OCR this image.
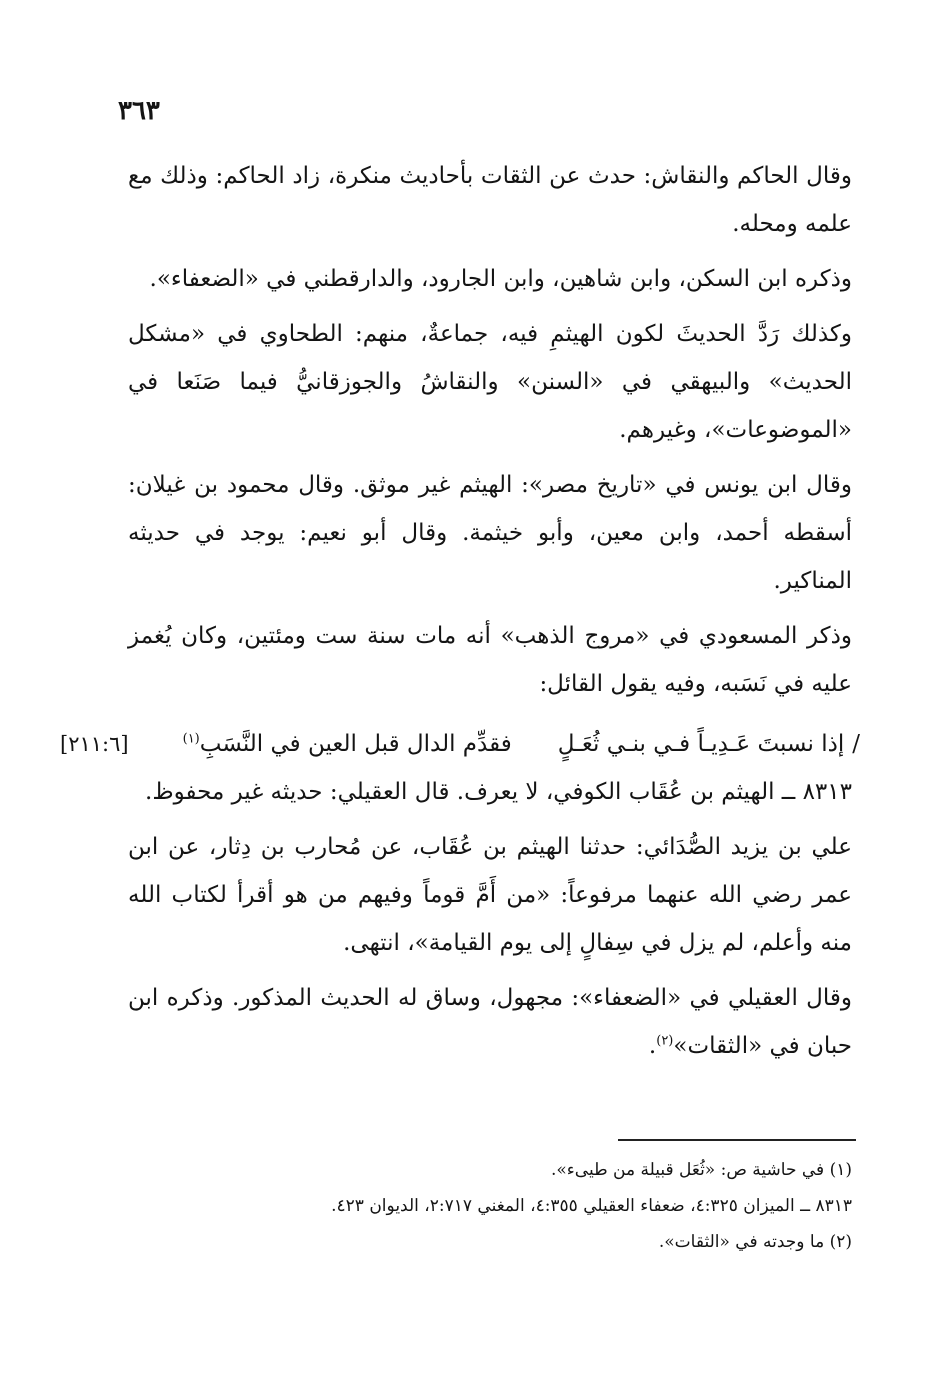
٣٦٣

وقال الحاكم والنقاش: حدث عن الثقات بأحاديث منكرة، زاد الحاكم: وذلك مع علمه ومحله.

وذكره ابن السكن، وابن شاهين، وابن الجارود، والدارقطني في «الضعفاء».

وكذلك رَدَّ الحديثَ لكون الهيثمِ فيه، جماعةٌ، منهم: الطحاوي في «مشكل الحديث» والبيهقي في «السنن» والنقاشُ والجوزقانيُّ فيما صَنَعا في «الموضوعات»، وغيرهم.

وقال ابن يونس في «تاريخ مصر»: الهيثم غير موثق. وقال محمود بن غيلان: أسقطه أحمد، وابن معين، وأبو خيثمة. وقال أبو نعيم: يوجد في حديثه المناكير.

وذكر المسعودي في «مروج الذهب» أنه مات سنة ست ومئتين، وكان يُغمز عليه في نَسَبه، وفيه يقول القائل:

/إذا نسبتَ عَـدِيـاً فـي بنـي ثُعَـلٍفقدِّم الدال قبل العين في النَّسَبِ$^{(١)}$
[٢١١:٦]

٨٣١٣ ــ الهيثم بن عُقَاب الكوفي، لا يعرف. قال العقيلي: حديثه غير محفوظ.

علي بن يزيد الصُّدَائي: حدثنا الهيثم بن عُقَاب، عن مُحارب بن دِثار، عن ابن عمر رضي الله عنهما مرفوعاً: «من أَمَّ قوماً وفيهم من هو أقرأ لكتاب الله منه وأعلم، لم يزل في سِفالٍ إلى يوم القيامة»، انتهى.

وقال العقيلي في «الضعفاء»: مجهول، وساق له الحديث المذكور. وذكره ابن حبان في «الثقات»$^{(٢)}$.

(١) في حاشية ص: «ثُعَل قبيلة من طيىء».
٨٣١٣ ــ الميزان ٤:٣٢٥، ضعفاء العقيلي ٤:٣٥٥، المغني ٢:٧١٧، الديوان ٤٢٣.
(٢) ما وجدته في «الثقات».
